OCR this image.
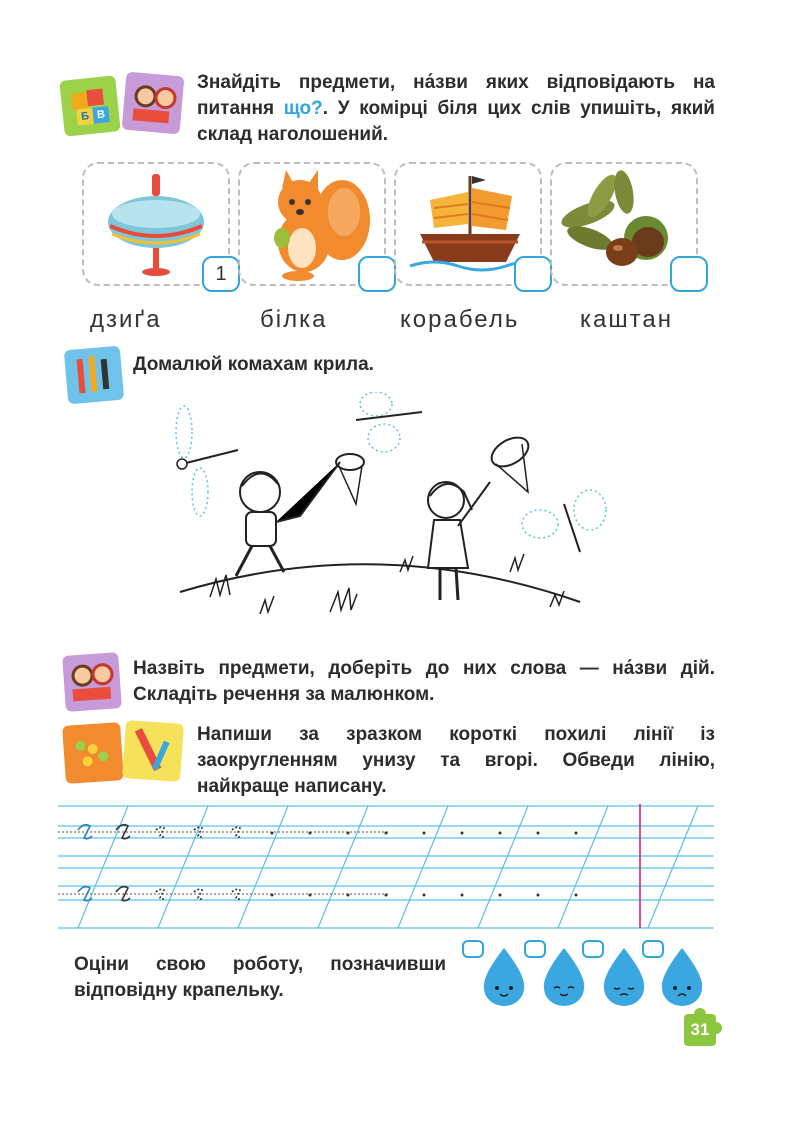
Б В
Знайдіть предмети, на́зви яких відповідають на питання що?. У комірці біля цих слів упишіть, який склад наголошений.
1
дзиґа	білка	корабель	каштан
Домалюй комахам крила.
Назвіть предмети, доберіть до них слова — на́зви дій. Складіть речення за малюнком.
Напиши за зразком короткі похилі лінії із заокругленням унизу та вгорі. Обведи лінію, найкраще написану.
Оціни свою роботу, позначивши відповідну крапельку.
31
